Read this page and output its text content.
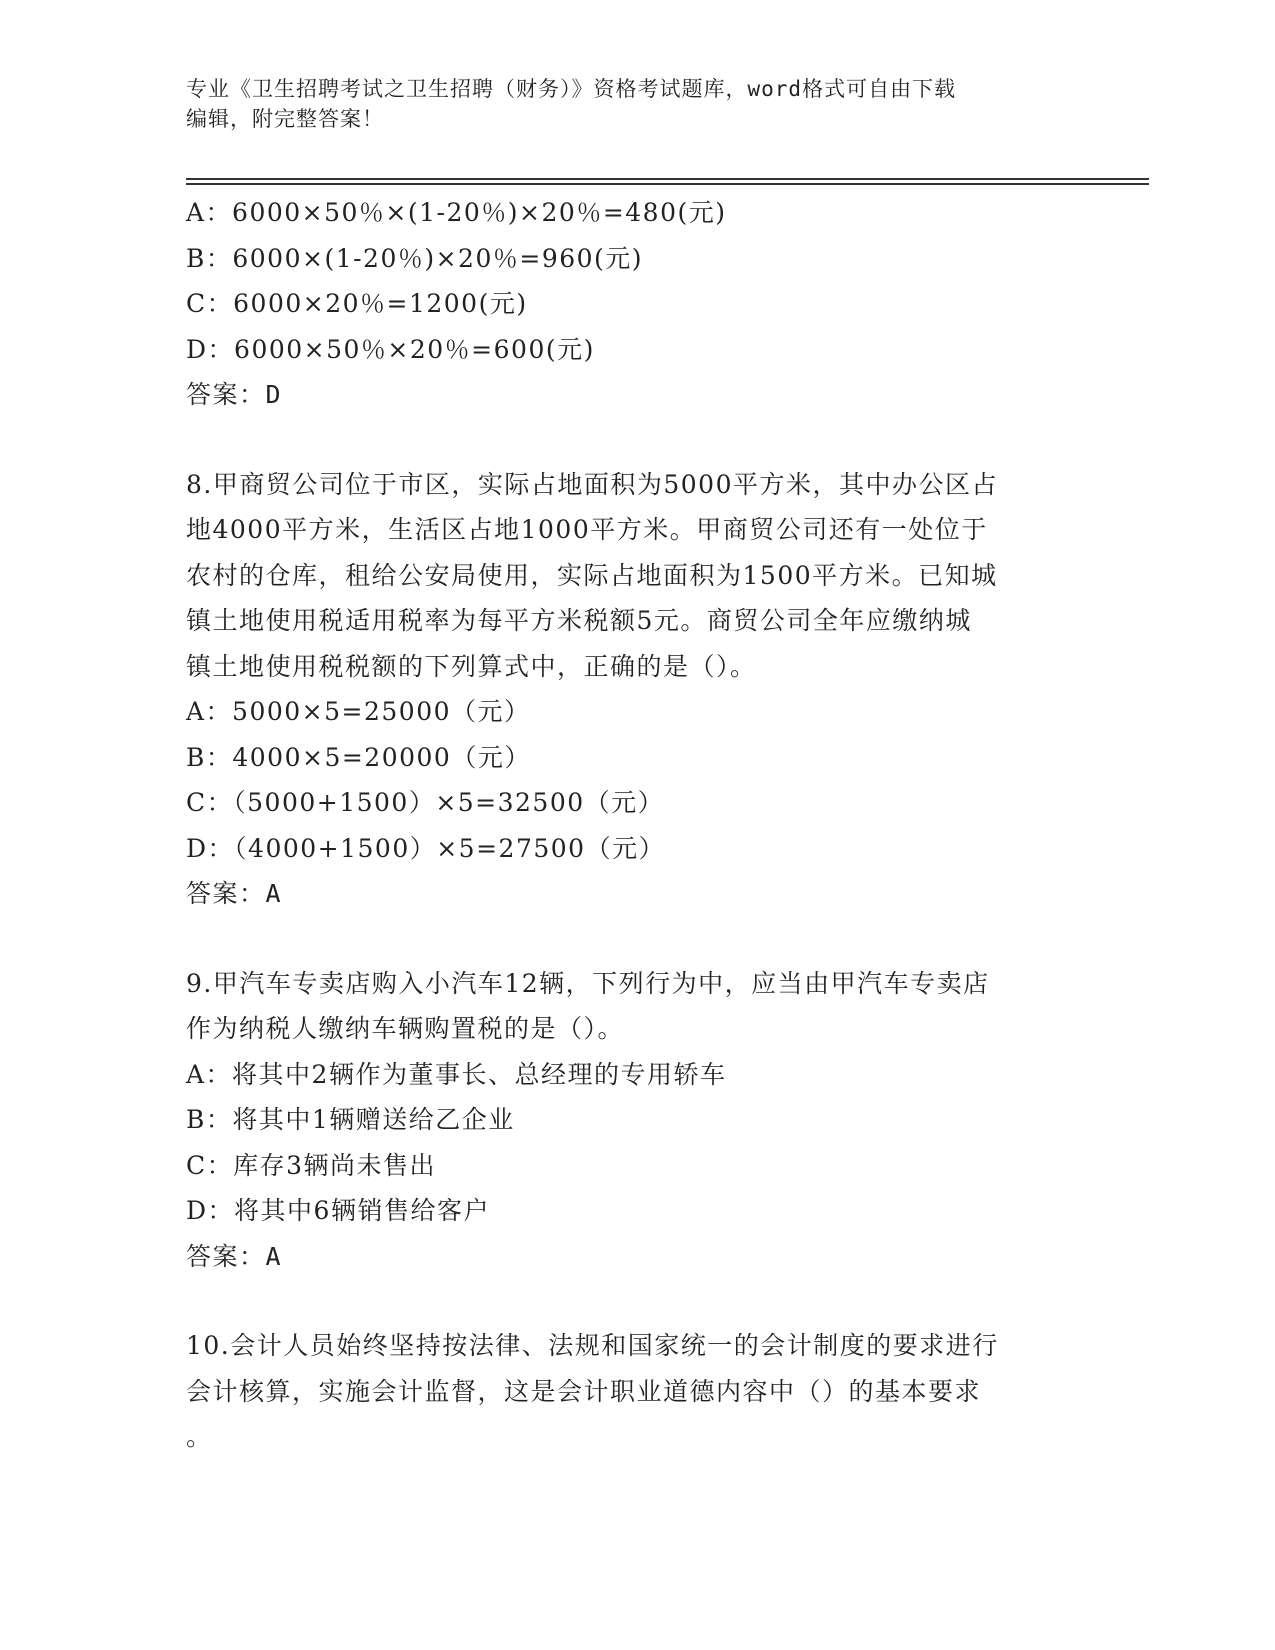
专业《卫生招聘考试之卫生招聘（财务）》资格考试题库，word格式可自由下载
编辑，附完整答案！
A：6000×50％×(1-20％)×20％=480(元)
B：6000×(1-20％)×20％=960(元)
C：6000×20％=1200(元)
D：6000×50％×20％=600(元)
答案：D
8.甲商贸公司位于市区，实际占地面积为5000平方米，其中办公区占
地4000平方米，生活区占地1000平方米。甲商贸公司还有一处位于
农村的仓库，租给公安局使用，实际占地面积为1500平方米。已知城
镇土地使用税适用税率为每平方米税额5元。商贸公司全年应缴纳城
镇土地使用税税额的下列算式中，正确的是（）。
A：5000×5=25000（元）
B：4000×5=20000（元）
C：（5000+1500）×5=32500（元）
D：（4000+1500）×5=27500（元）
答案：A
9.甲汽车专卖店购入小汽车12辆，下列行为中，应当由甲汽车专卖店
作为纳税人缴纳车辆购置税的是（）。
A：将其中2辆作为董事长、总经理的专用轿车
B：将其中1辆赠送给乙企业
C：库存3辆尚未售出
D：将其中6辆销售给客户
答案：A
10.会计人员始终坚持按法律、法规和国家统一的会计制度的要求进行
会计核算，实施会计监督，这是会计职业道德内容中（）的基本要求
。
